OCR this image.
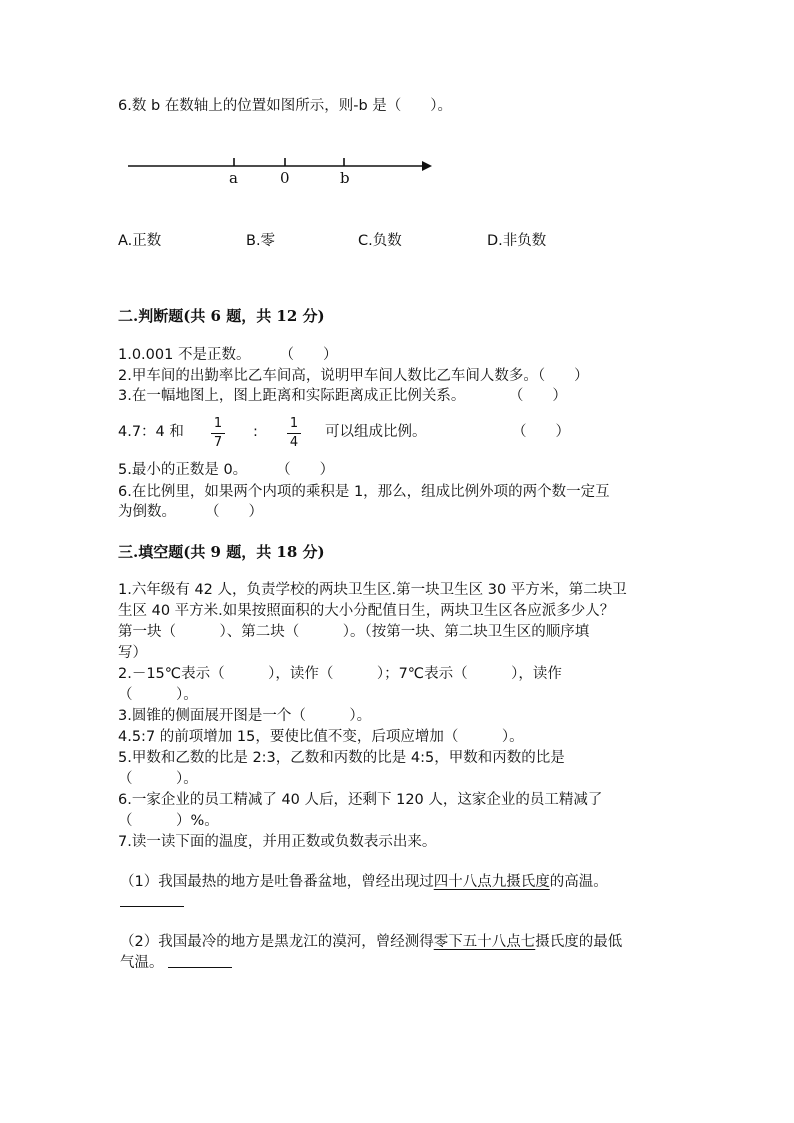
6.数 b 在数轴上的位置如图所示，则-b 是（　　）。
a	0	b
A.正数	B.零	C.负数	D.非负数
二.判断题(共 6 题，共 12 分)
1.0.001 不是正数。　　　（　　）
2.甲车间的出勤率比乙车间高，说明甲车间人数比乙车间人数多。（　　）
3.在一幅地图上，图上距离和实际距离成正比例关系。　　　　（　　）
4.7：4 和
1
7
:
1
4
可以组成比例。	（　　）
5.最小的正数是 0。　　　（　　）
6.在比例里，如果两个内项的乘积是 1，那么，组成比例外项的两个数一定互
为倒数。　　　（　　）
三.填空题(共 9 题，共 18 分)
1.六年级有 42 人，负责学校的两块卫生区.第一块卫生区 30 平方米，第二块卫
生区 40 平方米.如果按照面积的大小分配值日生，两块卫生区各应派多少人？
第一块（　　　）、第二块（　　　）。（按第一块、第二块卫生区的顺序填
写）
2.－15℃表示（　　　），读作（　　　）；7℃表示（　　　），读作
（　　　）。
3.圆锥的侧面展开图是一个（　　　）。
4.5:7 的前项增加 15，要使比值不变，后项应增加（　　　）。
5.甲数和乙数的比是 2:3，乙数和丙数的比是 4:5，甲数和丙数的比是
（　　　）。
6.一家企业的员工精减了 40 人后，还剩下 120 人，这家企业的员工精减了
（　　　）%。
7.读一读下面的温度，并用正数或负数表示出来。
（1）我国最热的地方是吐鲁番盆地，曾经出现过四十八点九摄氏度的高温。
（2）我国最冷的地方是黑龙江的漠河，曾经测得零下五十八点七摄氏度的最低
气温。
